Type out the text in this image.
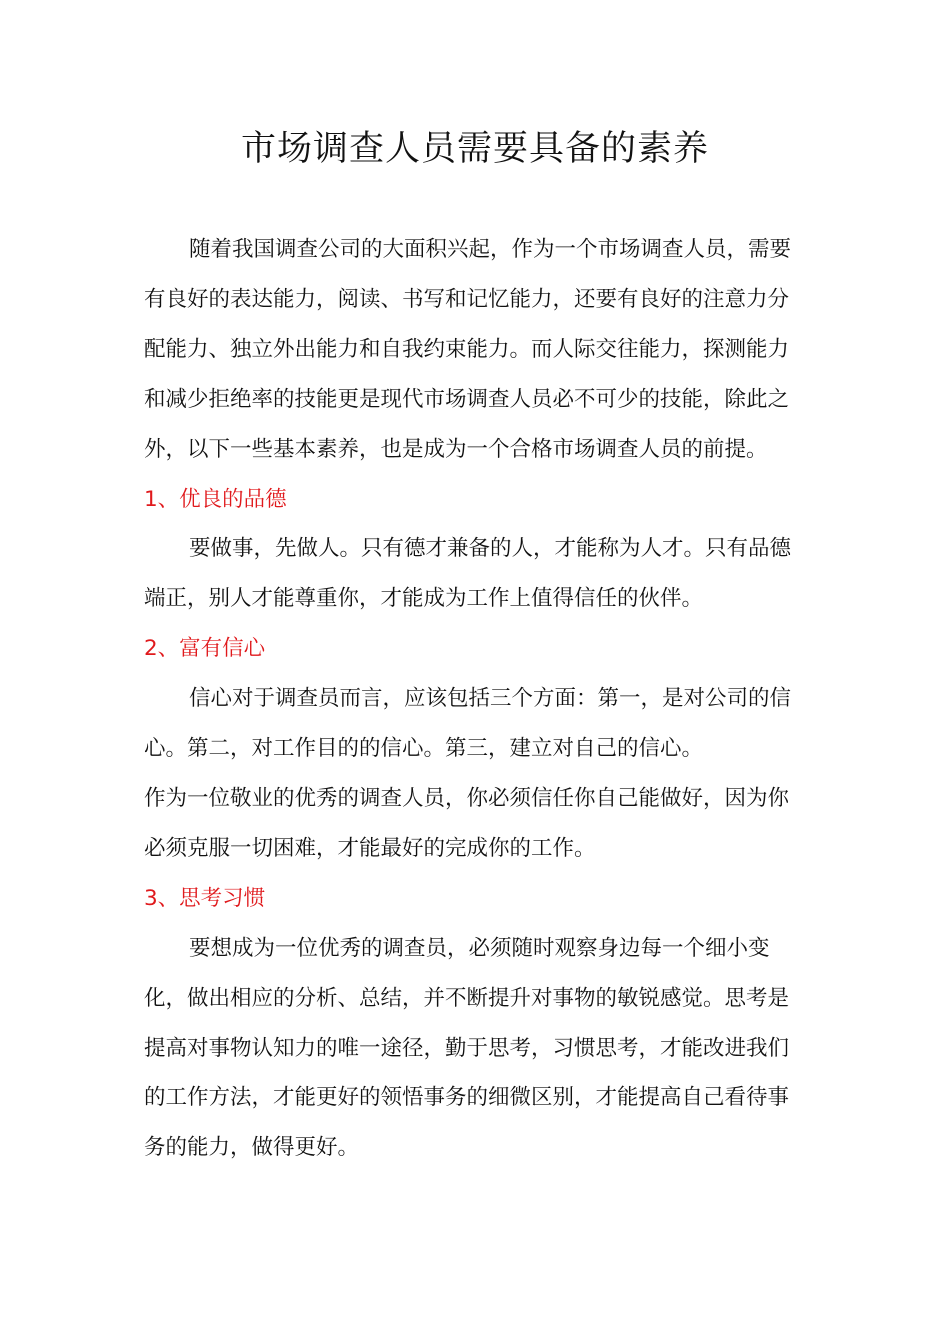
市场调查人员需要具备的素养

随着我国调查公司的大面积兴起，作为一个市场调查人员，需要有良好的表达能力，阅读、书写和记忆能力，还要有良好的注意力分配能力、独立外出能力和自我约束能力。而人际交往能力，探测能力和减少拒绝率的技能更是现代市场调查人员必不可少的技能，除此之外，以下一些基本素养，也是成为一个合格市场调查人员的前提。

1、优良的品德

要做事，先做人。只有德才兼备的人，才能称为人才。只有品德端正，别人才能尊重你，才能成为工作上值得信任的伙伴。

2、富有信心

信心对于调查员而言，应该包括三个方面：第一，是对公司的信心。第二，对工作目的的信心。第三，建立对自己的信心。

作为一位敬业的优秀的调查人员，你必须信任你自己能做好，因为你必须克服一切困难，才能最好的完成你的工作。

3、思考习惯

要想成为一位优秀的调查员，必须随时观察身边每一个细小变化，做出相应的分析、总结，并不断提升对事物的敏锐感觉。思考是提高对事物认知力的唯一途径，勤于思考，习惯思考，才能改进我们的工作方法，才能更好的领悟事务的细微区别，才能提高自己看待事务的能力，做得更好。
